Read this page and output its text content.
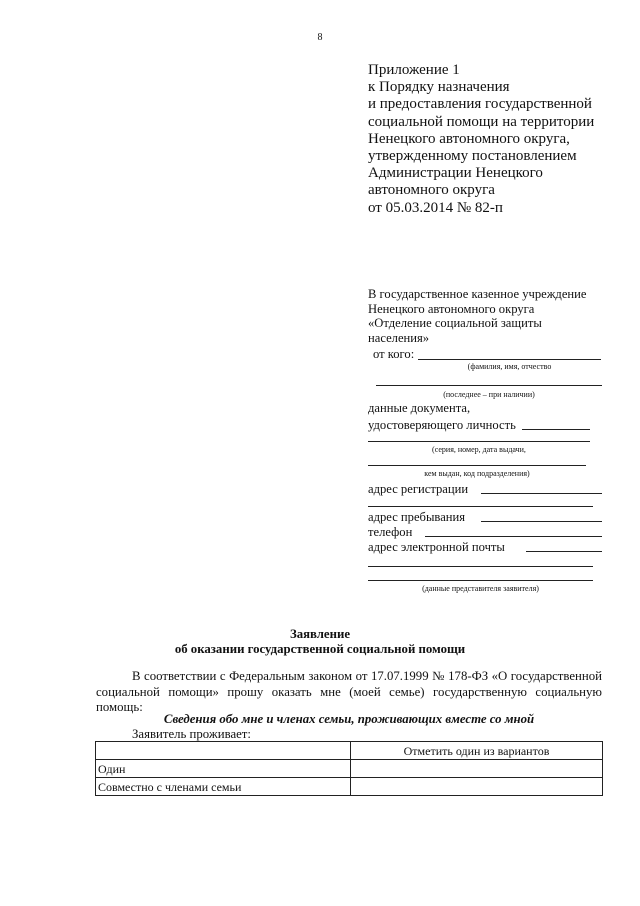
8
Приложение 1
к Порядку назначения
и предоставления государственной
социальной помощи на территории
Ненецкого автономного округа,
утвержденному постановлением
Администрации Ненецкого
автономного округа
от 05.03.2014 № 82-п
В государственное казенное учреждение
Ненецкого автономного округа
«Отделение социальной защиты
населения»
от кого:
(фамилия, имя, отчество
(последнее – при наличии)
данные документа,
удостоверяющего личность
(серия, номер, дата выдачи,
кем выдан, код подразделения)
адрес регистрации
адрес пребывания
телефон
адрес электронной почты
(данные представителя заявителя)
Заявление
об оказании государственной социальной помощи
В соответствии с Федеральным законом от 17.07.1999 № 178-ФЗ «О государственной социальной помощи» прошу оказать мне (моей семье) государственную социальную помощь:
Сведения обо мне и членах семьи, проживающих вместе со мной
Заявитель проживает:
	Отметить один из вариантов
Один	
Совместно с членами семьи	
